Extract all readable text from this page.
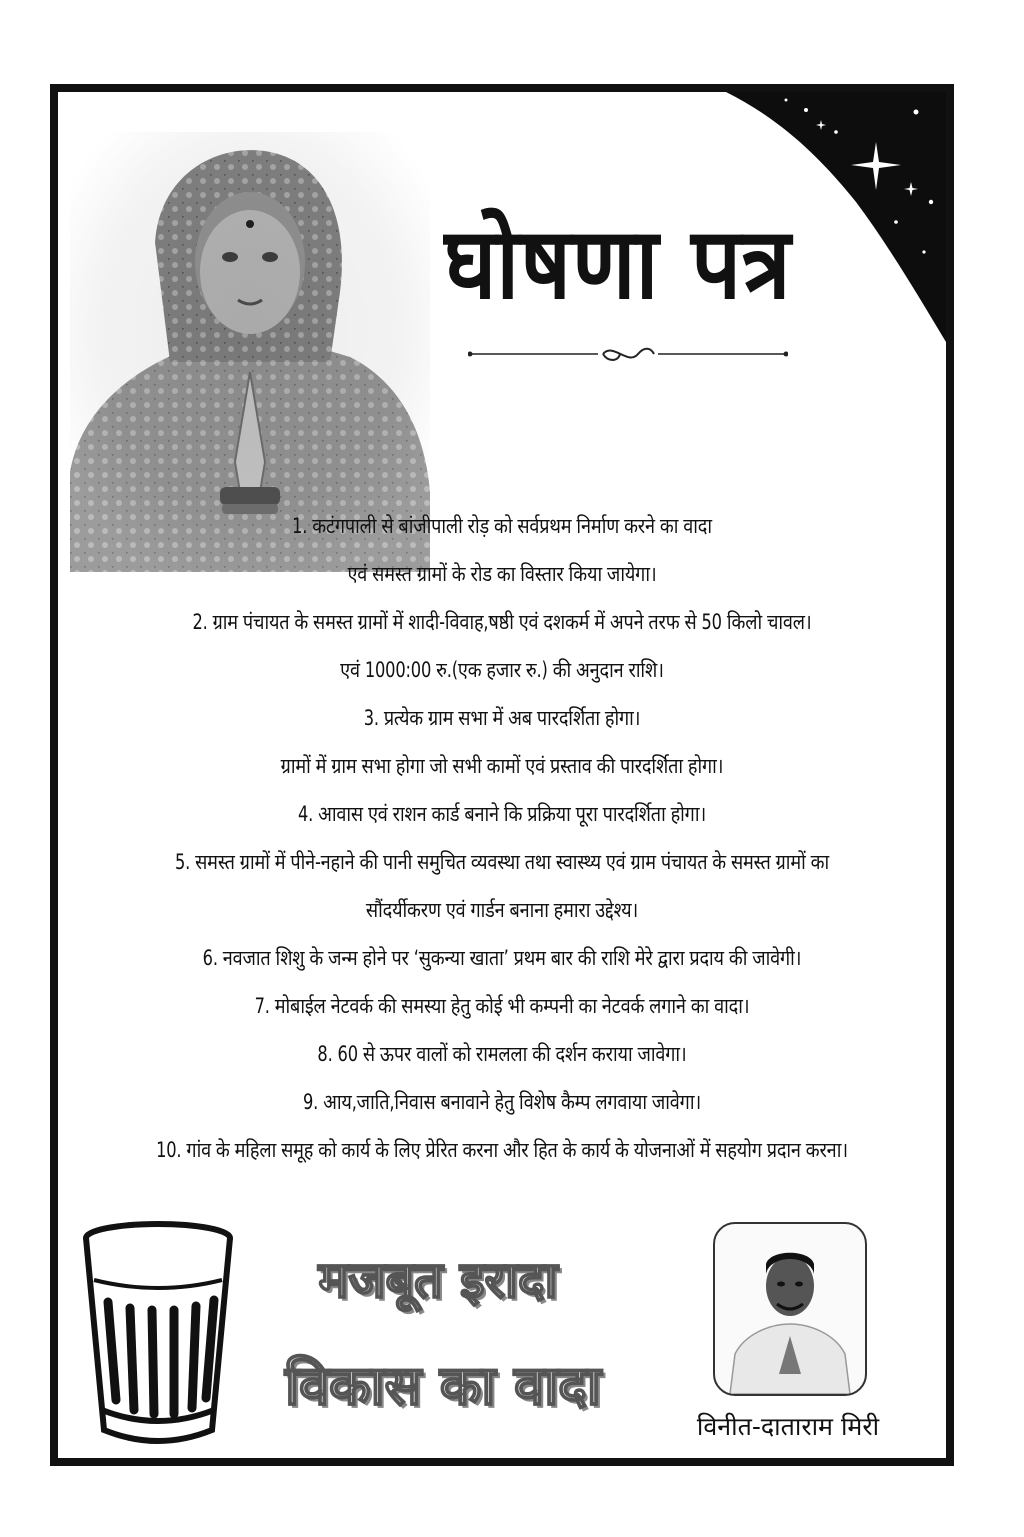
घोषणा पत्र
1. कटंगपाली से बांजीपाली रोड़ को सर्वप्रथम निर्माण करने का वादा
एवं समस्त ग्रामों के रोड का विस्तार किया जायेगा।
2. ग्राम पंचायत के समस्त ग्रामों में शादी-विवाह,षष्ठी एवं दशकर्म में अपने तरफ से 50 किलो चावल।
एवं 1000:00 रु.(एक हजार रु.) की अनुदान राशि।
3. प्रत्येक ग्राम सभा में अब पारदर्शिता होगा।
ग्रामों में ग्राम सभा होगा जो सभी कामों एवं प्रस्ताव की पारदर्शिता होगा।
4. आवास एवं राशन कार्ड बनाने कि प्रक्रिया पूरा पारदर्शिता होगा।
5. समस्त ग्रामों में पीने-नहाने की पानी समुचित व्यवस्था तथा स्वास्थ्य एवं ग्राम पंचायत के समस्त ग्रामों का
सौंदर्यीकरण एवं गार्डन बनाना हमारा उद्देश्य।
6. नवजात शिशु के जन्म होने पर ‘सुकन्या खाता’ प्रथम बार की राशि मेरे द्वारा प्रदाय की जावेगी।
7. मोबाईल नेटवर्क की समस्या हेतु कोई भी कम्पनी का नेटवर्क लगाने का वादा।
8. 60 से ऊपर वालों को रामलला की दर्शन कराया जावेगा।
9. आय,जाति,निवास बनावाने हेतु विशेष कैम्प लगवाया जावेगा।
10. गांव के महिला समूह को कार्य के लिए प्रेरित करना और हित के कार्य के योजनाओं में सहयोग प्रदान करना।
मजबूत इरादा
विकास का वादा
विनीत-दाताराम मिरी
